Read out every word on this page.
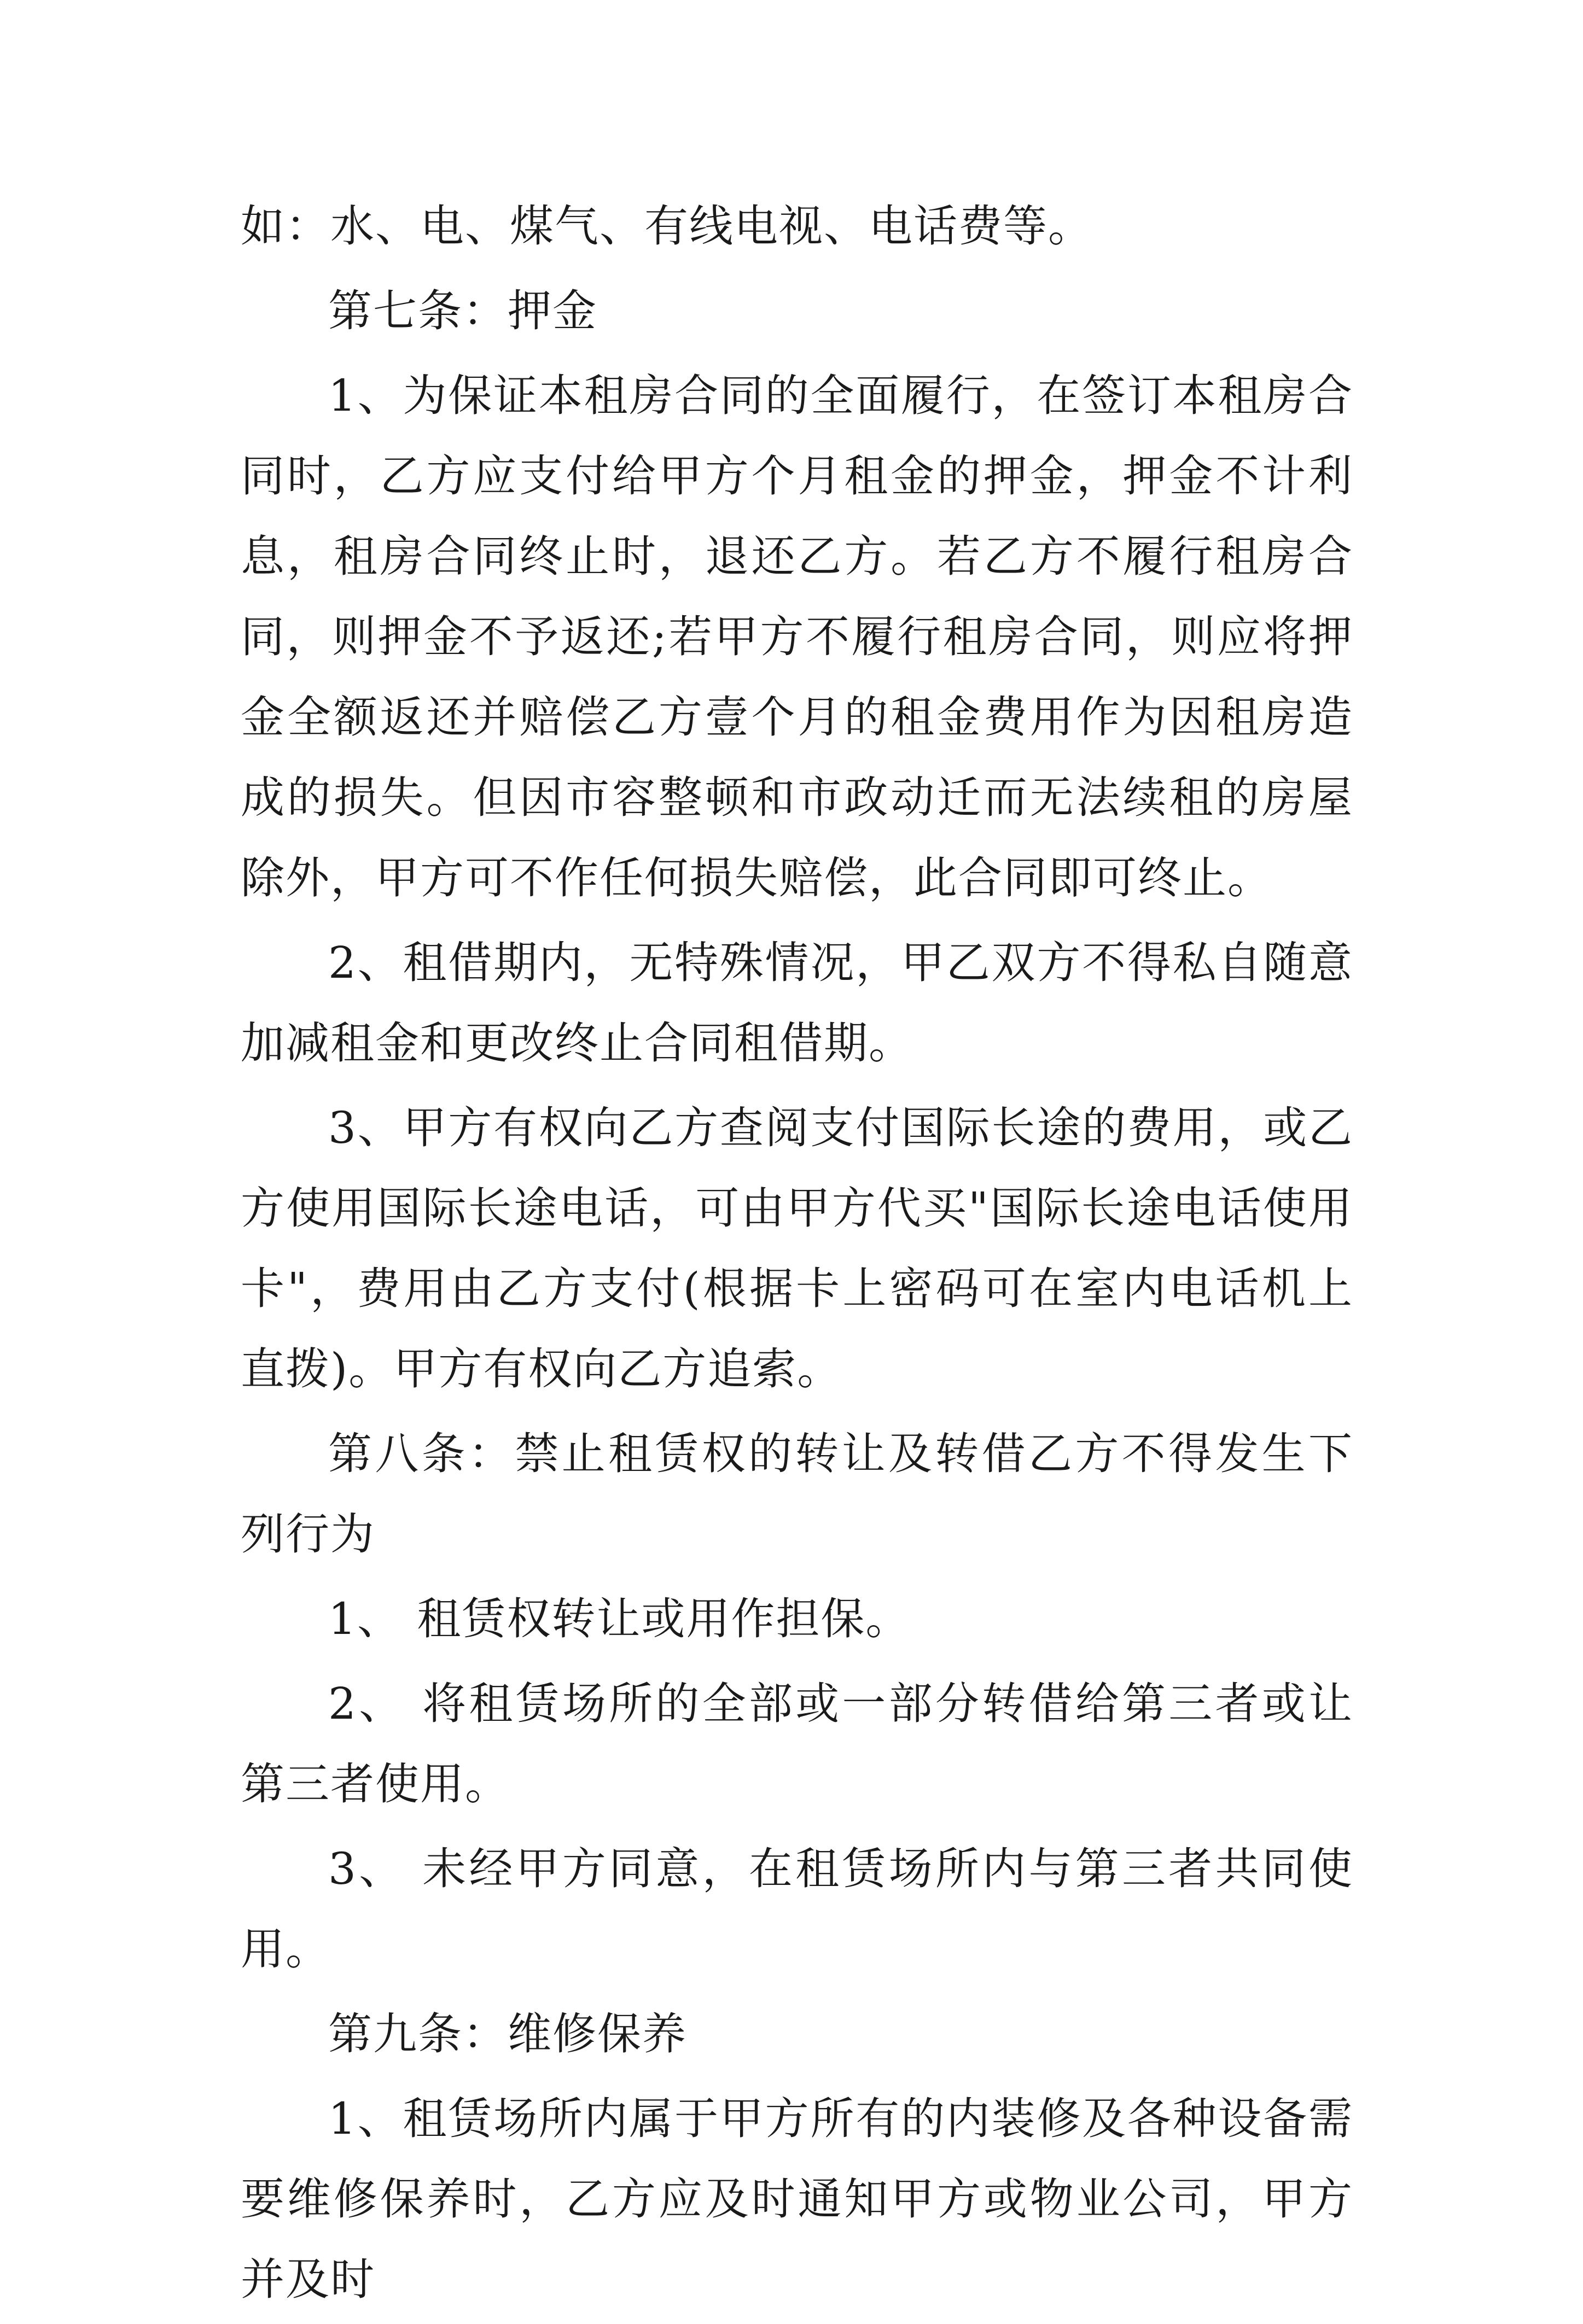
如：水、电、煤气、有线电视、电话费等。

第七条：押金

1、为保证本租房合同的全面履行，在签订本租房合同时，乙方应支付给甲方个月租金的押金，押金不计利息，租房合同终止时，退还乙方。若乙方不履行租房合同，则押金不予返还;若甲方不履行租房合同，则应将押金全额返还并赔偿乙方壹个月的租金费用作为因租房造成的损失。但因市容整顿和市政动迁而无法续租的房屋除外，甲方可不作任何损失赔偿，此合同即可终止。

2、租借期内，无特殊情况，甲乙双方不得私自随意加减租金和更改终止合同租借期。

3、甲方有权向乙方查阅支付国际长途的费用，或乙方使用国际长途电话，可由甲方代买"国际长途电话使用卡"，费用由乙方支付(根据卡上密码可在室内电话机上直拨)。甲方有权向乙方追索。

第八条：禁止租赁权的转让及转借乙方不得发生下列行为

1、 租赁权转让或用作担保。

2、 将租赁场所的全部或一部分转借给第三者或让第三者使用。

3、 未经甲方同意，在租赁场所内与第三者共同使用。

第九条：维修保养

1、租赁场所内属于甲方所有的内装修及各种设备需要维修保养时，乙方应及时通知甲方或物业公司，甲方并及时
